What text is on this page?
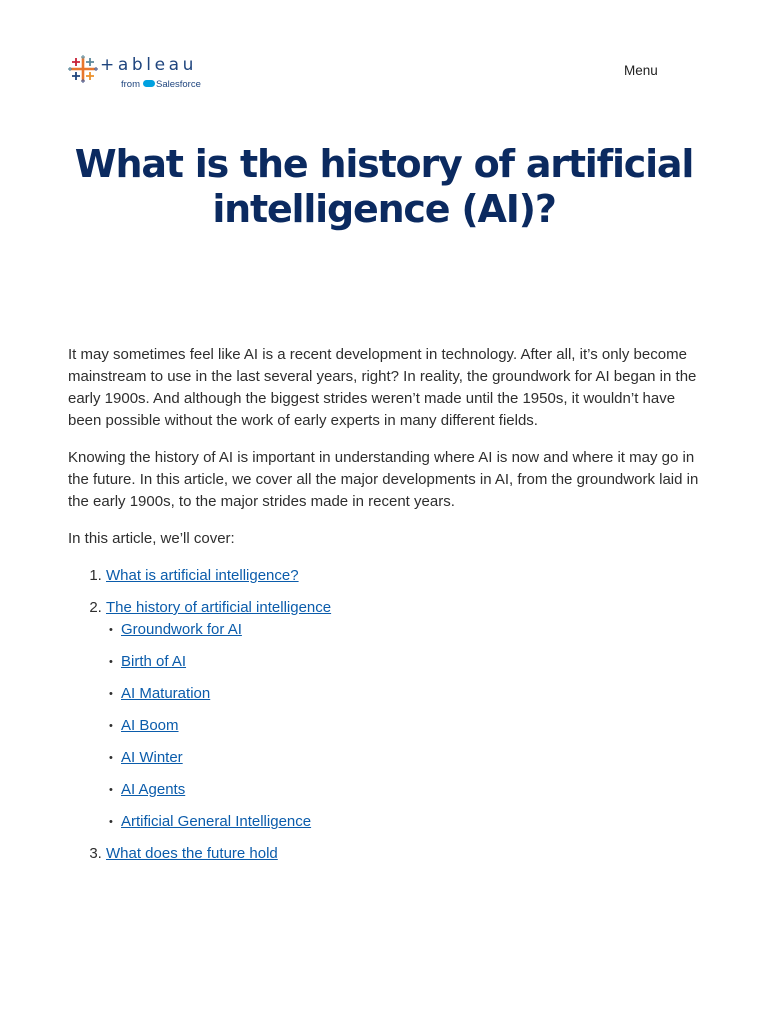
+ableau
from Salesforce
Menu
What is the history of artificial intelligence (AI)?

It may sometimes feel like AI is a recent development in technology. After all, it’s only become mainstream to use in the last several years, right? In reality, the groundwork for AI began in the early 1900s. And although the biggest strides weren’t made until the 1950s, it wouldn’t have been possible without the work of early experts in many different fields.

Knowing the history of AI is important in understanding where AI is now and where it may go in the future. In this article, we cover all the major developments in AI, from the groundwork laid in the early 1900s, to the major strides made in recent years.

In this article, we’ll cover:

1. What is artificial intelligence?
2. The history of artificial intelligence
• Groundwork for AI
• Birth of AI
• AI Maturation
• AI Boom
• AI Winter
• AI Agents
• Artificial General Intelligence
3. What does the future hold
